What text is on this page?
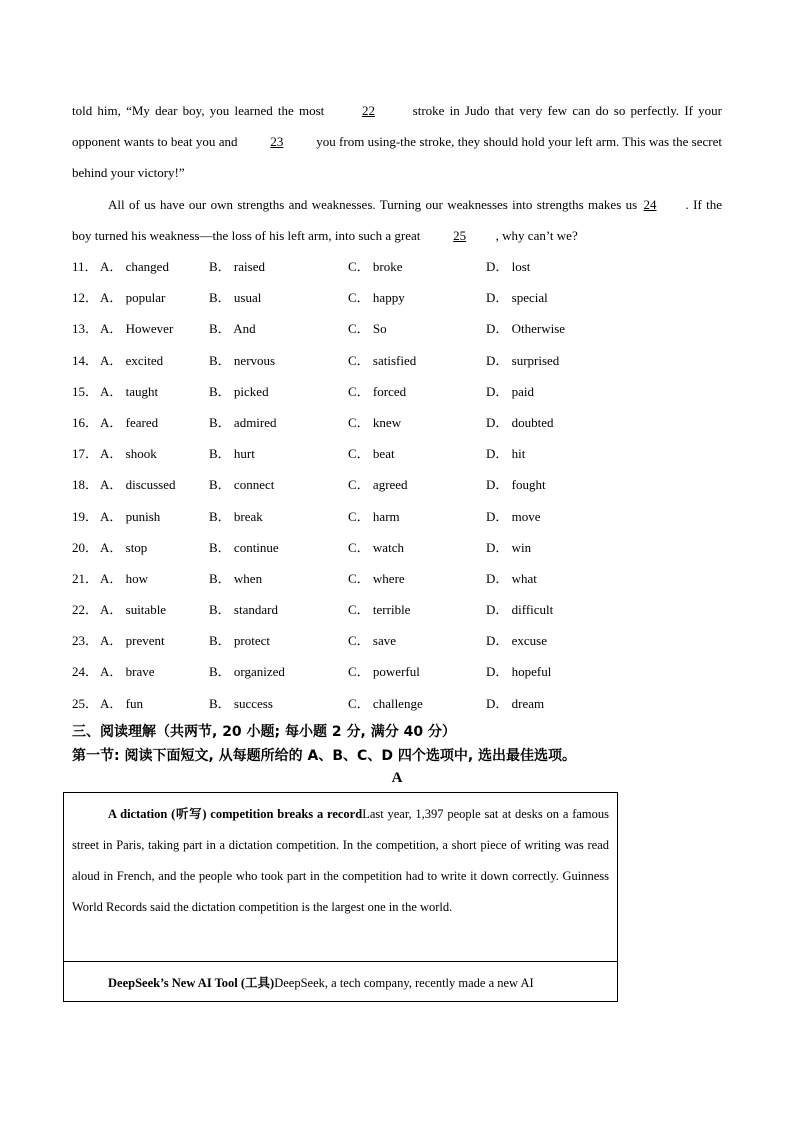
told him, “My dear boy, you learned the most	22	stroke in Judo that very few can do so perfectly. If your opponent wants to beat you and 23 you from using-the stroke, they should hold your left arm. This was the secret behind your victory!”
All of us have our own strengths and weaknesses. Turning our weaknesses into strengths makes us 24 . If the boy turned his weakness—the loss of his left arm, into such a great 25 , why can’t we?
11． A． changed	B． raised	C． broke	D． lost
12． A． popular	B． usual	C． happy	D． special
13． A． However	B． And	C． So	D． Otherwise
14． A． excited	B． nervous	C． satisfied	D． surprised
15． A． taught	B． picked	C． forced	D． paid
16． A． feared	B． admired	C． knew	D． doubted
17． A． shook	B． hurt	C． beat	D． hit
18． A． discussed	B． connect	C． agreed	D． fought
19． A． punish	B． break	C． harm	D． move
20． A． stop	B． continue	C． watch	D． win
21． A． how	B． when	C． where	D． what
22． A． suitable	B． standard	C． terrible	D． difficult
23． A． prevent	B． protect	C． save	D． excuse
24． A． brave	B． organized	C． powerful	D． hopeful
25． A． fun	B． success	C． challenge	D． dream
三、阅读理解（共两节, 20 小题; 每小题 2 分, 满分 40 分）
第一节: 阅读下面短文, 从每题所给的 A、B、C、D 四个选项中, 选出最佳选项。
A

A dictation (听写) competition breaks a recordLast year, 1,397 people sat at desks on a famous street in Paris, taking part in a dictation competition. In the competition, a short piece of writing was read aloud in French, and the people who took part in the competition had to write it down correctly. Guinness World Records said the dictation competition is the largest one in the world.

DeepSeek’s New AI Tool (工具)DeepSeek, a tech company, recently made a new AI
